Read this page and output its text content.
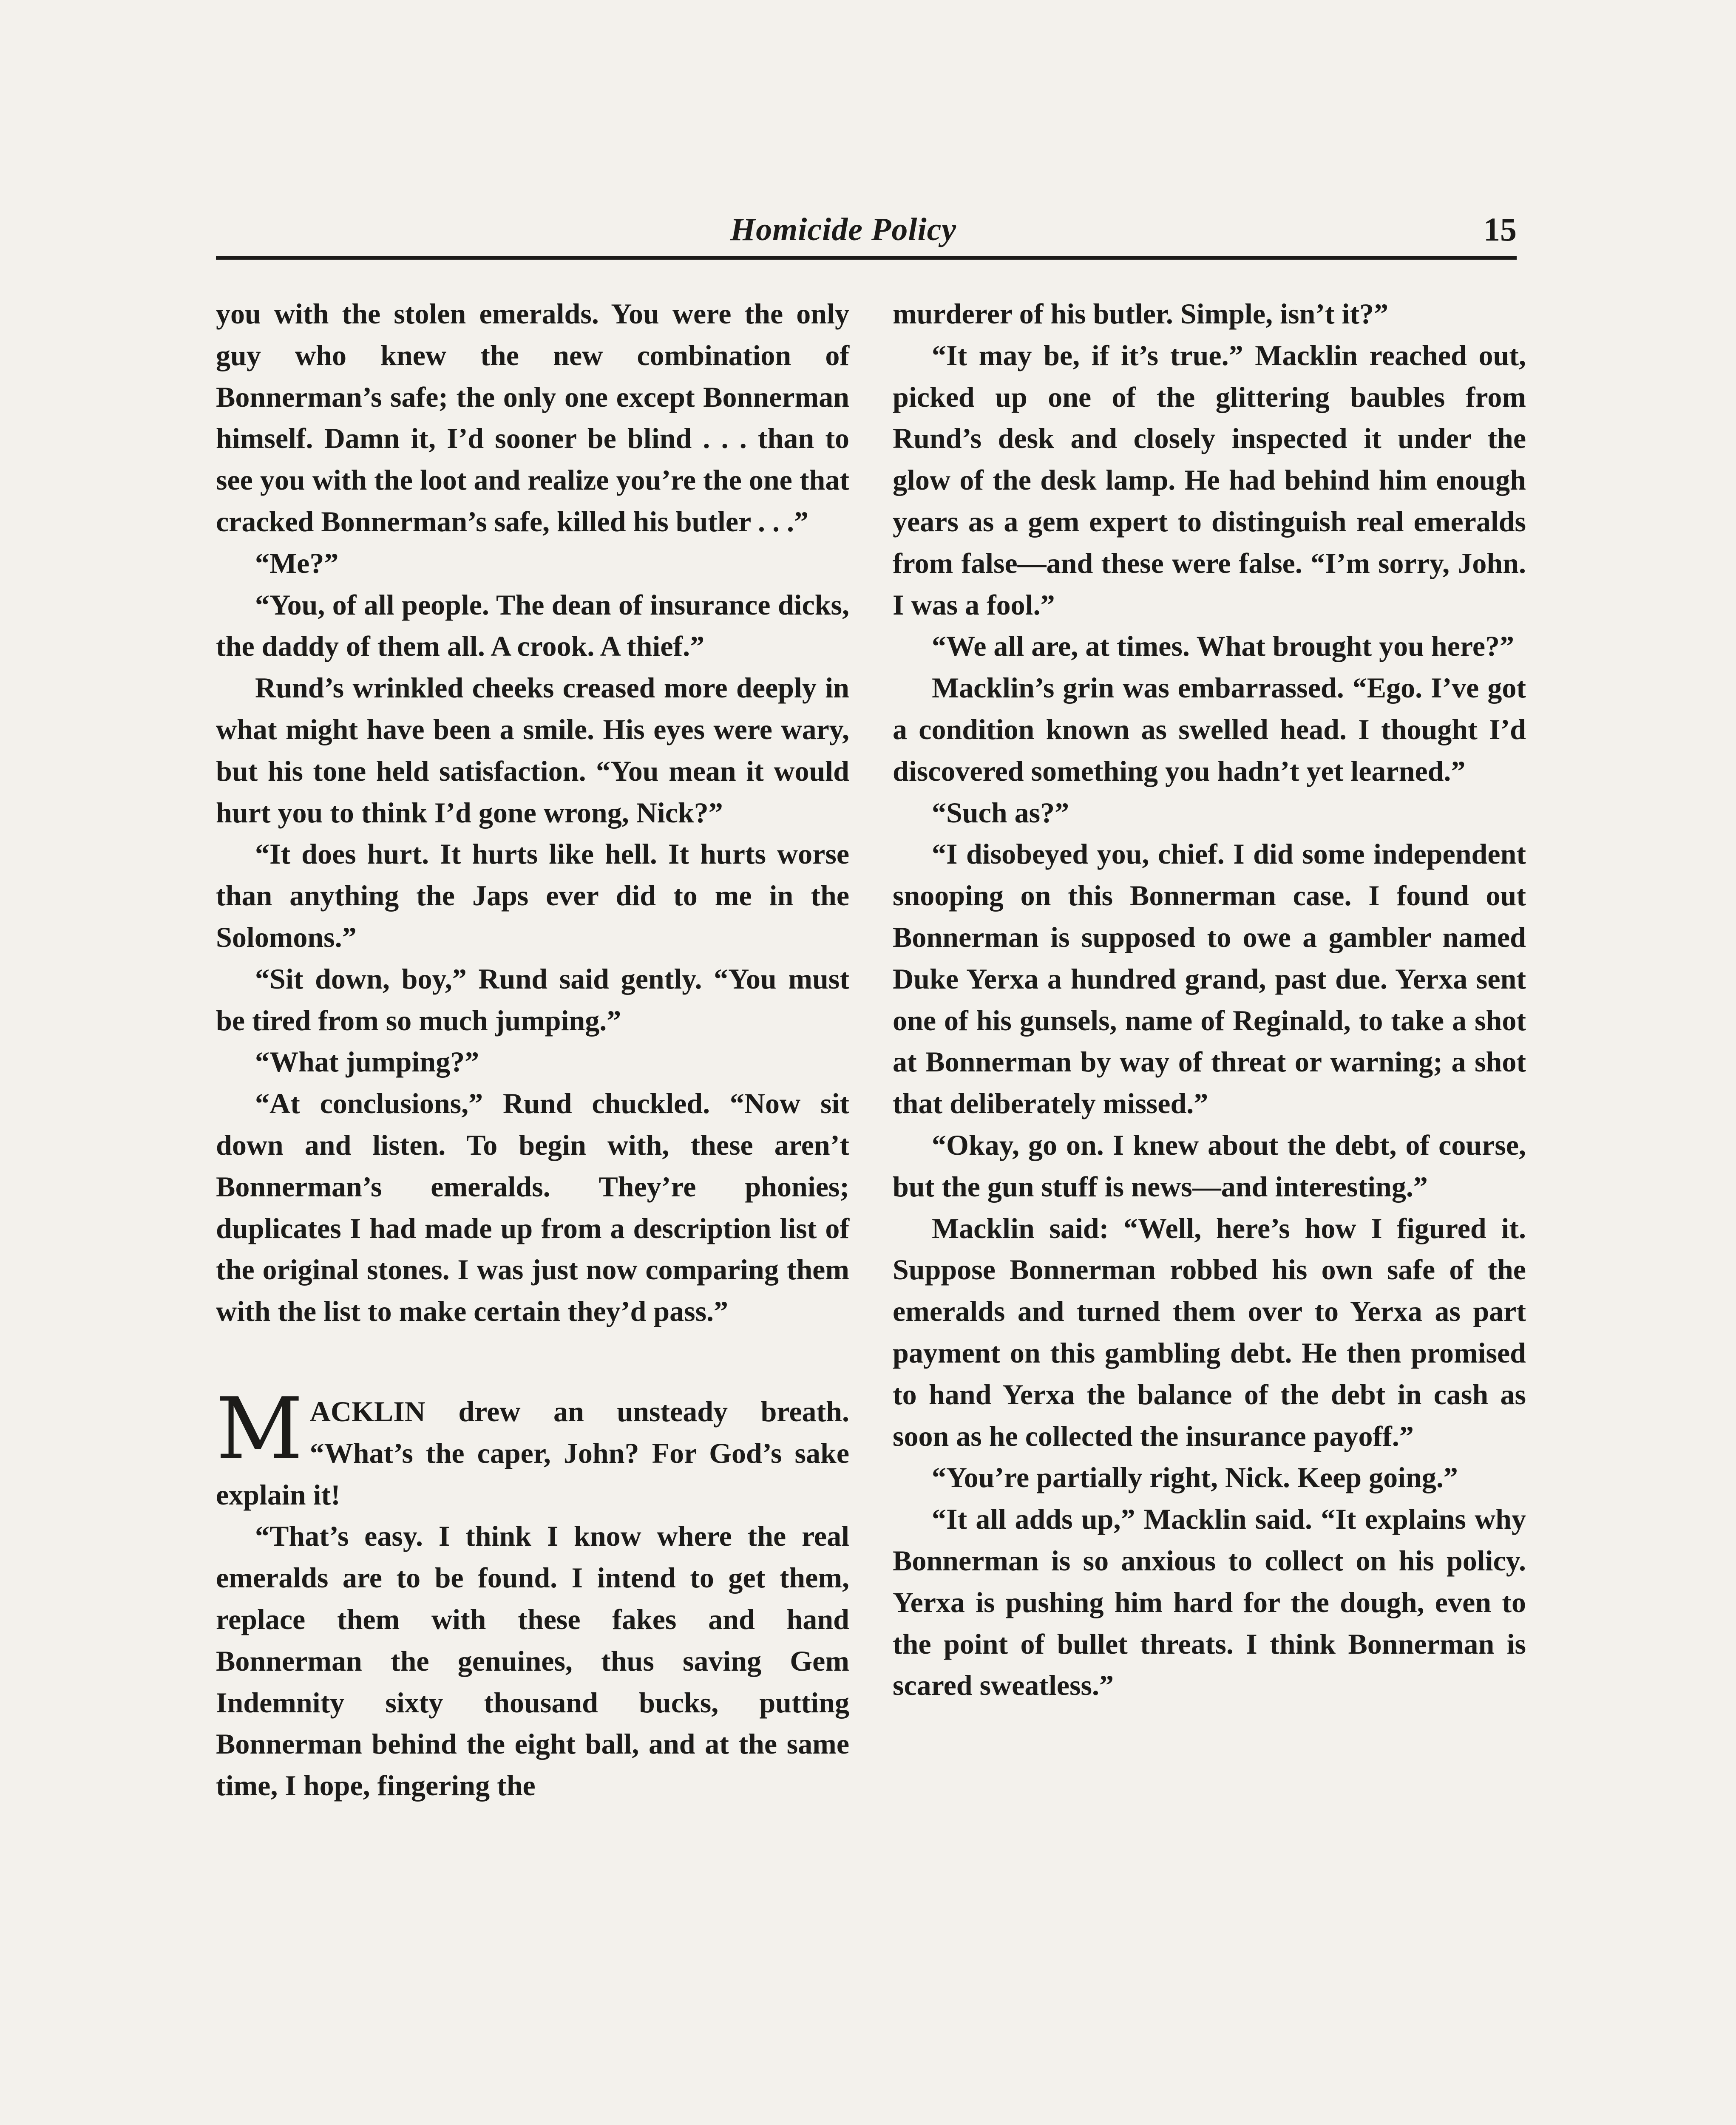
Homicide Policy	15

you with the stolen emeralds. You were the only guy who knew the new combination of Bonnerman’s safe; the only one except Bonnerman himself. Damn it, I’d sooner be blind . . . than to see you with the loot and realize you’re the one that cracked Bonnerman’s safe, killed his butler . . .”

“Me?”

“You, of all people. The dean of insurance dicks, the daddy of them all. A crook. A thief.”

Rund’s wrinkled cheeks creased more deeply in what might have been a smile. His eyes were wary, but his tone held satisfaction. “You mean it would hurt you to think I’d gone wrong, Nick?”

“It does hurt. It hurts like hell. It hurts worse than anything the Japs ever did to me in the Solomons.”

“Sit down, boy,” Rund said gently. “You must be tired from so much jumping.”

“What jumping?”

“At conclusions,” Rund chuckled. “Now sit down and listen. To begin with, these aren’t Bonnerman’s emeralds. They’re phonies; duplicates I had made up from a description list of the original stones. I was just now comparing them with the list to make certain they’d pass.”

MACKLIN drew an unsteady breath. “What’s the caper, John? For God’s sake explain it!

“That’s easy. I think I know where the real emeralds are to be found. I intend to get them, replace them with these fakes and hand Bonnerman the genuines, thus saving Gem Indemnity sixty thousand bucks, putting Bonnerman behind the eight ball, and at the same time, I hope, fingering the

murderer of his butler. Simple, isn’t it?”

“It may be, if it’s true.” Macklin reached out, picked up one of the glittering baubles from Rund’s desk and closely inspected it under the glow of the desk lamp. He had behind him enough years as a gem expert to distinguish real emeralds from false—and these were false. “I’m sorry, John. I was a fool.”

“We all are, at times. What brought you here?”

Macklin’s grin was embarrassed. “Ego. I’ve got a condition known as swelled head. I thought I’d discovered something you hadn’t yet learned.”

“Such as?”

“I disobeyed you, chief. I did some independent snooping on this Bonnerman case. I found out Bonnerman is supposed to owe a gambler named Duke Yerxa a hundred grand, past due. Yerxa sent one of his gunsels, name of Reginald, to take a shot at Bonnerman by way of threat or warning; a shot that deliberately missed.”

“Okay, go on. I knew about the debt, of course, but the gun stuff is news—and interesting.”

Macklin said: “Well, here’s how I figured it. Suppose Bonnerman robbed his own safe of the emeralds and turned them over to Yerxa as part payment on this gambling debt. He then promised to hand Yerxa the balance of the debt in cash as soon as he collected the insurance payoff.”

“You’re partially right, Nick. Keep going.”

“It all adds up,” Macklin said. “It explains why Bonnerman is so anxious to collect on his policy. Yerxa is pushing him hard for the dough, even to the point of bullet threats. I think Bonnerman is scared sweatless.”
